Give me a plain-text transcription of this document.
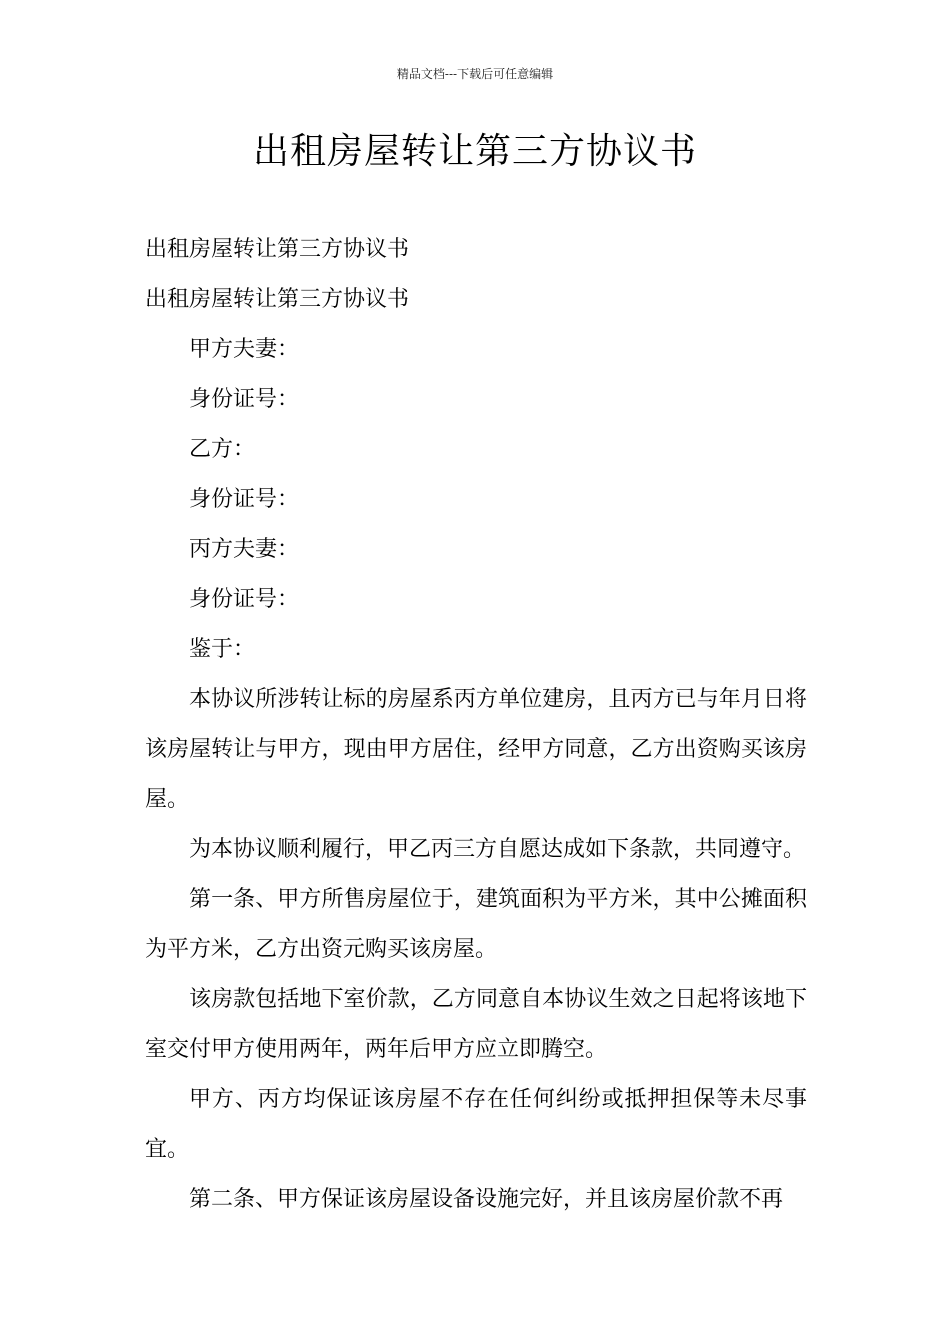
精品文档---下载后可任意编辑
出租房屋转让第三方协议书

出租房屋转让第三方协议书

出租房屋转让第三方协议书

甲方夫妻：

身份证号：

乙方：

身份证号：

丙方夫妻：

身份证号：

鉴于：

本协议所涉转让标的房屋系丙方单位建房，且丙方已与年月日将该房屋转让与甲方，现由甲方居住，经甲方同意，乙方出资购买该房屋。

为本协议顺利履行，甲乙丙三方自愿达成如下条款，共同遵守。

第一条、甲方所售房屋位于，建筑面积为平方米，其中公摊面积为平方米，乙方出资元购买该房屋。

该房款包括地下室价款，乙方同意自本协议生效之日起将该地下室交付甲方使用两年，两年后甲方应立即腾空。

甲方、丙方均保证该房屋不存在任何纠纷或抵押担保等未尽事宜。

第二条、甲方保证该房屋设备设施完好，并且该房屋价款不再
